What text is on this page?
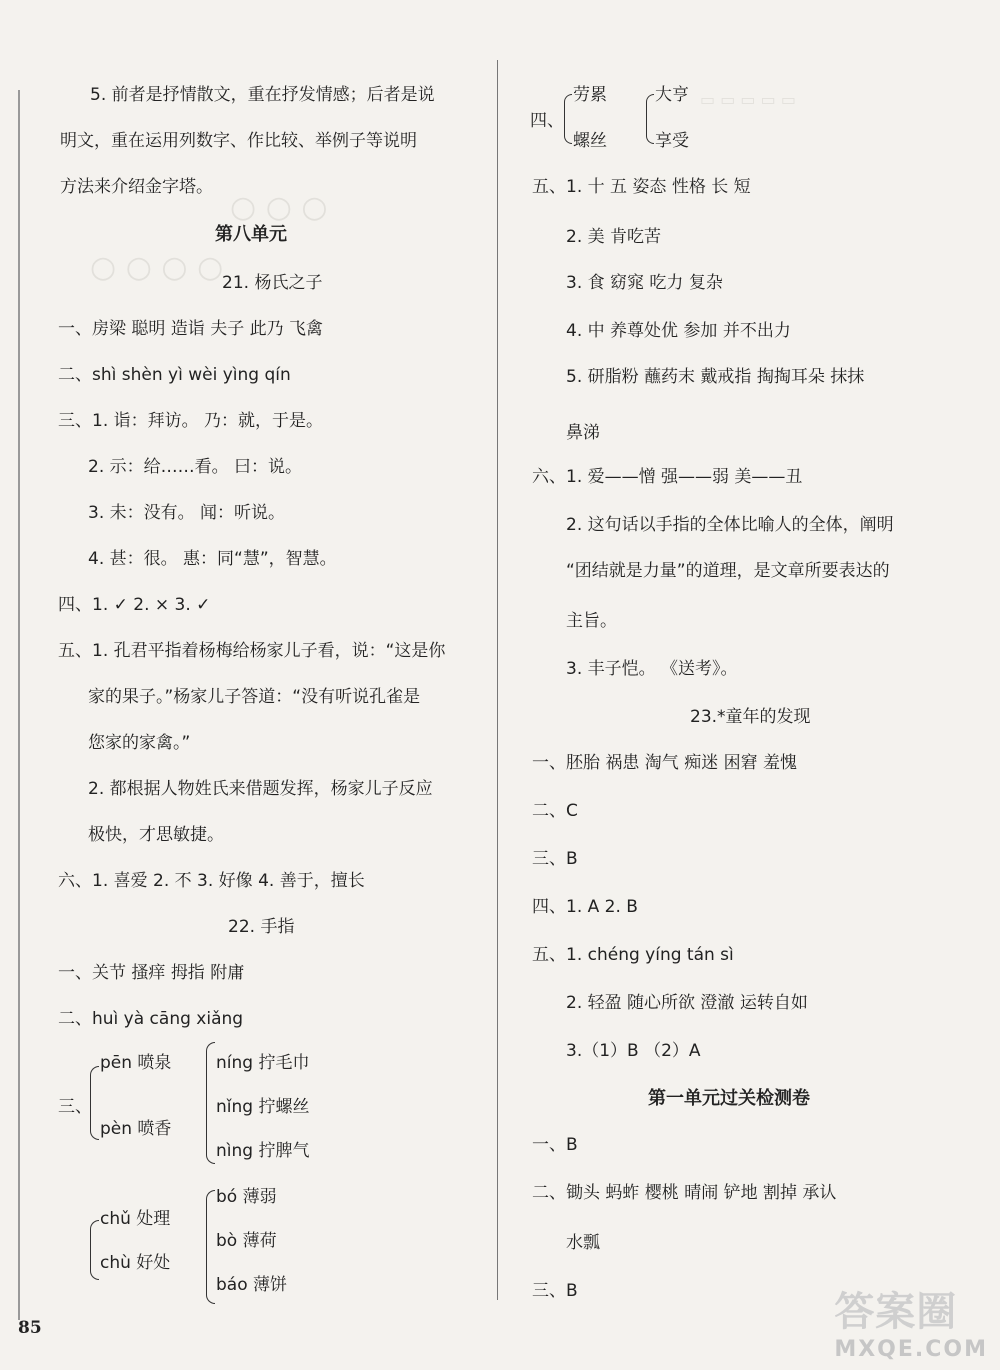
○ ○ ○
○ ○ ○ ○
▭ ▭ ▭ ▭ ▭
5. 前者是抒情散文，重在抒发情感；后者是说
明文，重在运用列数字、作比较、举例子等说明
方法来介绍金字塔。
第八单元
21. 杨氏之子
一、房梁 聪明 造诣 夫子 此乃 飞禽
二、shì shèn yì wèi yìng qín
三、1. 诣：拜访。 乃：就，于是。
2. 示：给……看。 曰：说。
3. 未：没有。 闻：听说。
4. 甚：很。 惠：同“慧”，智慧。
四、1. ✓ 2. × 3. ✓
五、1. 孔君平指着杨梅给杨家儿子看，说：“这是你
家的果子。”杨家儿子答道：“没有听说孔雀是
您家的家禽。”
2. 都根据人物姓氏来借题发挥，杨家儿子反应
极快，才思敏捷。
六、1. 喜爱 2. 不 3. 好像 4. 善于，擅长
22. 手指
一、关节 搔痒 拇指 附庸
二、huì yà cāng xiǎng
三、
pēn 喷泉
pèn 喷香
níng 拧毛巾
nǐng 拧螺丝
nìng 拧脾气
chǔ 处理
chù 好处
bó 薄弱
bò 薄荷
báo 薄饼
85
四、
劳累
螺丝
大亨
享受
五、1. 十 五 姿态 性格 长 短
2. 美 肯吃苦
3. 食 窈窕 吃力 复杂
4. 中 养尊处优 参加 并不出力
5. 研脂粉 蘸药末 戴戒指 掏掏耳朵 抹抹
鼻涕
六、1. 爱——憎 强——弱 美——丑
2. 这句话以手指的全体比喻人的全体，阐明
“团结就是力量”的道理，是文章所要表达的
主旨。
3. 丰子恺。 《送考》。
23.*童年的发现
一、胚胎 祸患 淘气 痴迷 困窘 羞愧
二、C
三、B
四、1. A 2. B
五、1. chéng yíng tán sì
2. 轻盈 随心所欲 澄澈 运转自如
3.（1）B （2）A
第一单元过关检测卷
一、B
二、锄头 蚂蚱 樱桃 晴闹 铲地 割掉 承认
水瓢
三、B	答案圈
MXQE.COM
